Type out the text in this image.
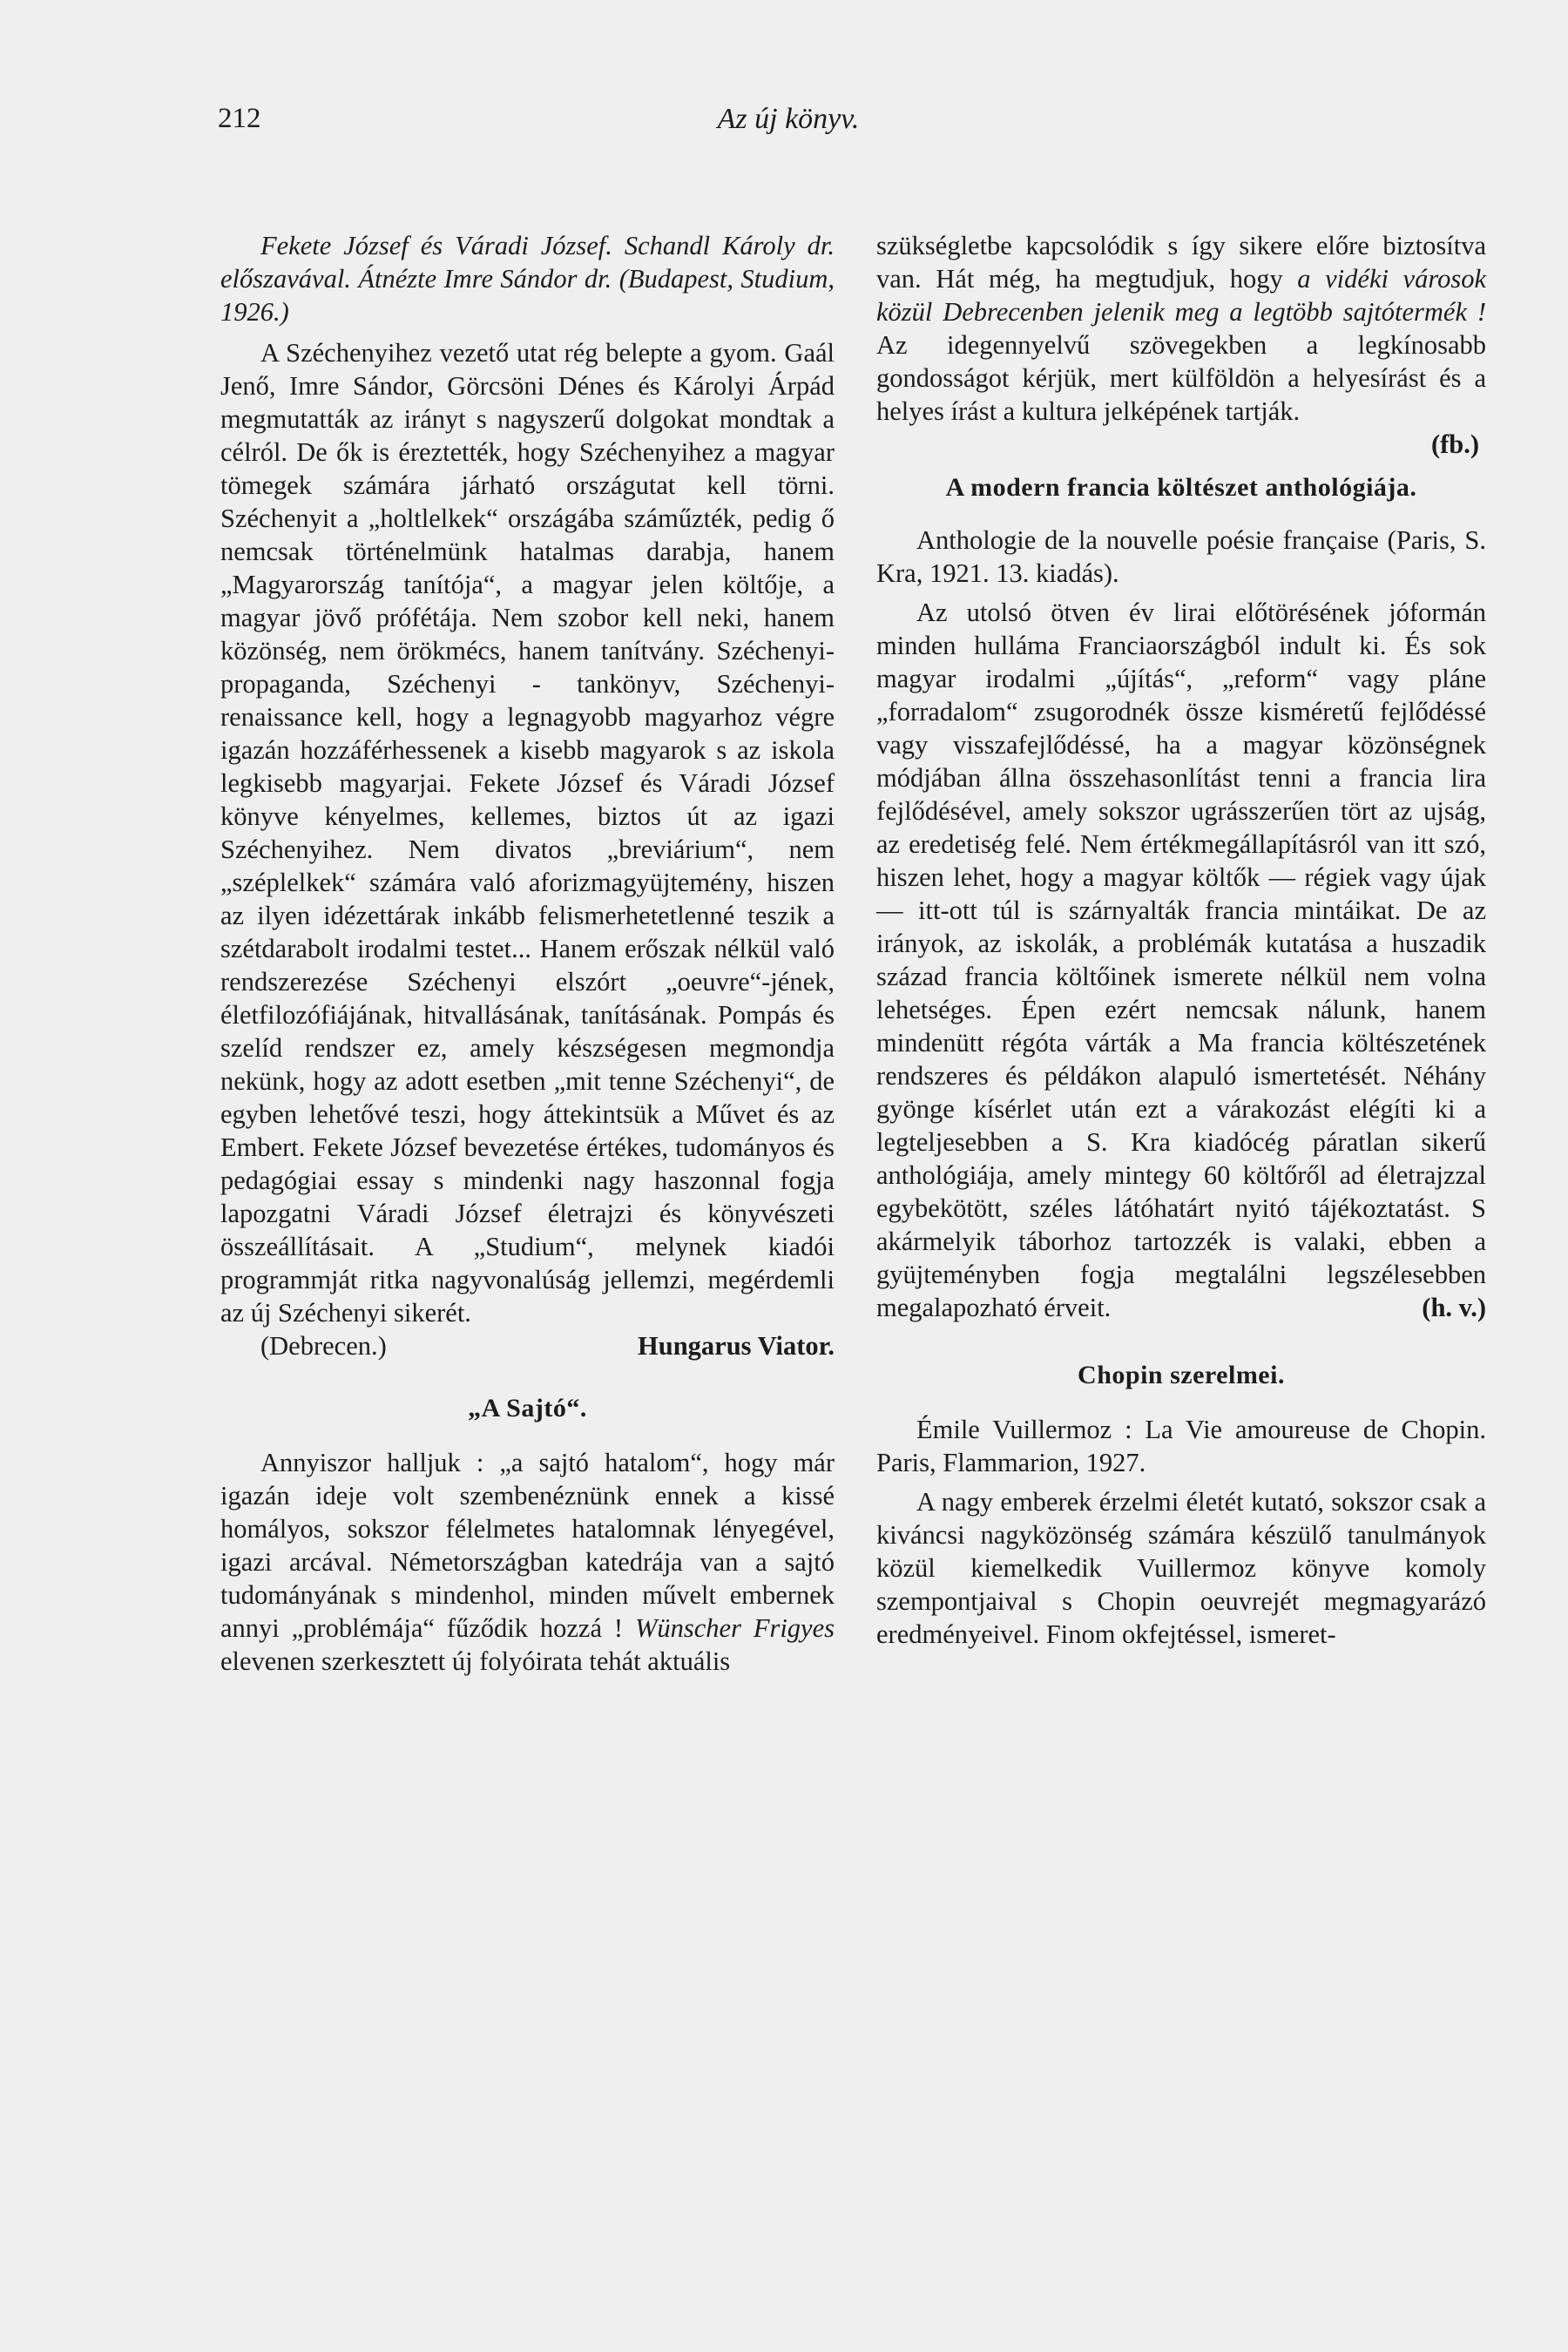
212	Az új könyv.

Fekete József és Váradi József. Schandl Károly dr. előszavával. Átnézte Imre Sándor dr. (Budapest, Studium, 1926.)

A Széchenyihez vezető utat rég belepte a gyom. Gaál Jenő, Imre Sándor, Görcsöni Dénes és Károlyi Árpád megmutatták az irányt s nagyszerű dolgokat mondtak a célról. De ők is éreztették, hogy Széchenyihez a magyar tömegek számára járható országutat kell törni. Széchenyit a „holtlelkek“ országába száműzték, pedig ő nemcsak történelmünk hatalmas darabja, hanem „Magyarország tanítója“, a magyar jelen költője, a magyar jövő prófétája. Nem szobor kell neki, hanem közönség, nem örökmécs, hanem tanítvány. Széchenyi-propaganda, Széchenyi - tankönyv, Széchenyi-renaissance kell, hogy a legnagyobb magyarhoz végre igazán hozzáférhessenek a kisebb magyarok s az iskola legkisebb magyarjai. Fekete József és Váradi József könyve kényelmes, kellemes, biztos út az igazi Széchenyihez. Nem divatos „breviárium“, nem „széplelkek“ számára való aforizmagyüjtemény, hiszen az ilyen idézettárak inkább felismerhetetlenné teszik a szétdarabolt irodalmi testet... Hanem erőszak nélkül való rendszerezése Széchenyi elszórt „oeuvre“-jének, életfilozófiájának, hitvallásának, tanításának. Pompás és szelíd rendszer ez, amely készségesen megmondja nekünk, hogy az adott esetben „mit tenne Széchenyi“, de egyben lehetővé teszi, hogy áttekintsük a Művet és az Embert. Fekete József bevezetése értékes, tudományos és pedagógiai essay s mindenki nagy haszonnal fogja lapozgatni Váradi József életrajzi és könyvészeti összeállításait. A „Studium“, melynek kiadói programmját ritka nagyvonalúság jellemzi, megérdemli az új Széchenyi sikerét.

(Debrecen.)	Hungarus Viator.
„A Sajtó“.

Annyiszor halljuk : „a sajtó hatalom“, hogy már igazán ideje volt szembenéznünk ennek a kissé homályos, sokszor félelmetes hatalomnak lényegével, igazi arcával. Németországban katedrája van a sajtó tudományának s mindenhol, minden művelt embernek annyi „problémája“ fűződik hozzá ! Wünscher Frigyes elevenen szerkesztett új folyóirata tehát aktuális

szükségletbe kapcsolódik s így sikere előre biztosítva van. Hát még, ha megtudjuk, hogy a vidéki városok közül Debrecenben jelenik meg a legtöbb sajtótermék ! Az idegennyelvű szövegekben a legkínosabb gondosságot kérjük, mert külföldön a helyesírást és a helyes írást a kultura jelképének tartják.

(fb.)

A modern francia költészet anthológiája.

Anthologie de la nouvelle poésie française (Paris, S. Kra, 1921. 13. kiadás).

Az utolsó ötven év lirai előtörésének jóformán minden hulláma Franciaországból indult ki. És sok magyar irodalmi „újítás“, „reform“ vagy pláne „forradalom“ zsugorodnék össze kisméretű fejlődéssé vagy visszafejlődéssé, ha a magyar közönségnek módjában állna összehasonlítást tenni a francia lira fejlődésével, amely sokszor ugrásszerűen tört az ujság, az eredetiség felé. Nem értékmegállapításról van itt szó, hiszen lehet, hogy a magyar költők — régiek vagy újak — itt-ott túl is szárnyalták francia mintáikat. De az irányok, az iskolák, a problémák kutatása a huszadik század francia költőinek ismerete nélkül nem volna lehetséges. Épen ezért nemcsak nálunk, hanem mindenütt régóta várták a Ma francia költészetének rendszeres és példákon alapuló ismertetését. Néhány gyönge kísérlet után ezt a várakozást elégíti ki a legteljesebben a S. Kra kiadócég páratlan sikerű anthológiája, amely mintegy 60 költőről ad életrajzzal egybekötött, széles látóhatárt nyitó tájékoztatást. S akármelyik táborhoz tartozzék is valaki, ebben a gyüjteményben fogja megtalálni legszélesebben megalapozható érveit.	(h. v.)

Chopin szerelmei.

Émile Vuillermoz : La Vie amoureuse de Chopin. Paris, Flammarion, 1927.

A nagy emberek érzelmi életét kutató, sokszor csak a kiváncsi nagyközönség számára készülő tanulmányok közül kiemelkedik Vuillermoz könyve komoly szempontjaival s Chopin oeuvrejét megmagyarázó eredményeivel. Finom okfejtéssel, ismeret-
